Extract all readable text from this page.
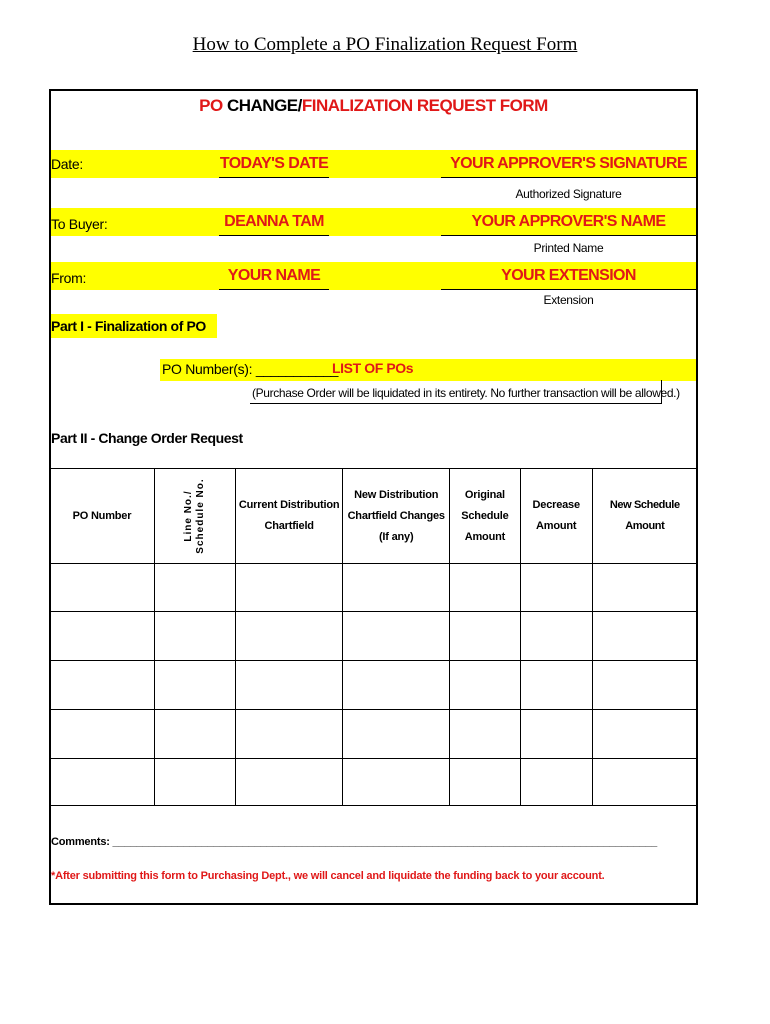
How to Complete a PO Finalization Request Form
PO CHANGE/FINALIZATION REQUEST FORM
Date:	TODAY'S DATE	YOUR APPROVER'S SIGNATURE
Authorized Signature
To Buyer:	DEANNA TAM	YOUR APPROVER'S NAME
Printed Name
From:	YOUR NAME	YOUR EXTENSION
Extension
Part I - Finalization of PO
PO Number(s): ___________
LIST OF POs
(Purchase Order will be liquidated in its entirety. No further transaction will be allowed.)
Part II - Change Order Request
PO Number	Line No./ Schedule No.	Current Distribution Chartfield	New Distribution Chartfield Changes (If any)	Original Schedule Amount	Decrease Amount	New Schedule Amount

Comments: ____________________________________________________________________________________________
*After submitting this form to Purchasing Dept., we will cancel and liquidate the funding back to your account.
